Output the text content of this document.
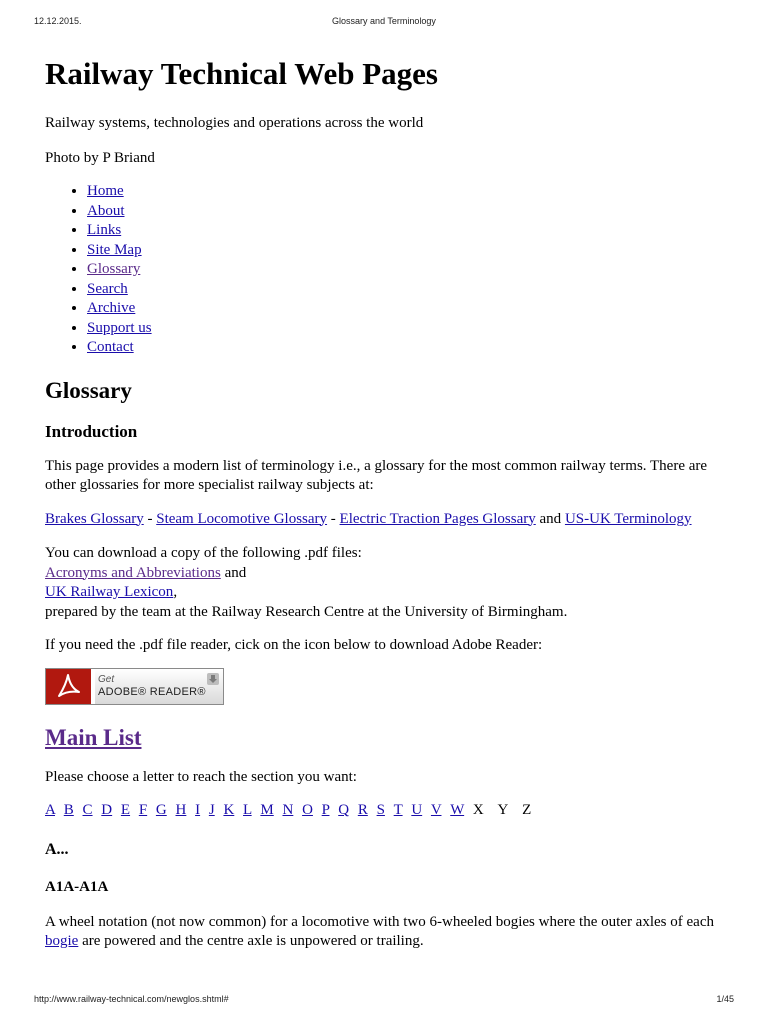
12.12.2015.	Glossary and Terminology
Railway Technical Web Pages

Railway systems, technologies and operations across the world

Photo by P Briand

• Home
• About
• Links
• Site Map
• Glossary
• Search
• Archive
• Support us
• Contact
Glossary
Introduction

This page provides a modern list of terminology i.e., a glossary for the most common railway terms. There are other glossaries for more specialist railway subjects at:

Brakes Glossary - Steam Locomotive Glossary - Electric Traction Pages Glossary and US-UK Terminology

You can download a copy of the following .pdf files:
Acronyms and Abbreviations and
UK Railway Lexicon,
prepared by the team at the Railway Research Centre at the University of Birmingham.

If you need the .pdf file reader, cick on the icon below to download Adobe Reader:

Get
ADOBE® READER®
Main List

Please choose a letter to reach the section you want:

A B C D E F G H I J K L M N O P Q R S T U V W X Y Z
A...
A1A-A1A

A wheel notation (not now common) for a locomotive with two 6-wheeled bogies where the outer axles of each bogie are powered and the centre axle is unpowered or trailing.

http://www.railway-technical.com/newglos.shtml#	1/45
